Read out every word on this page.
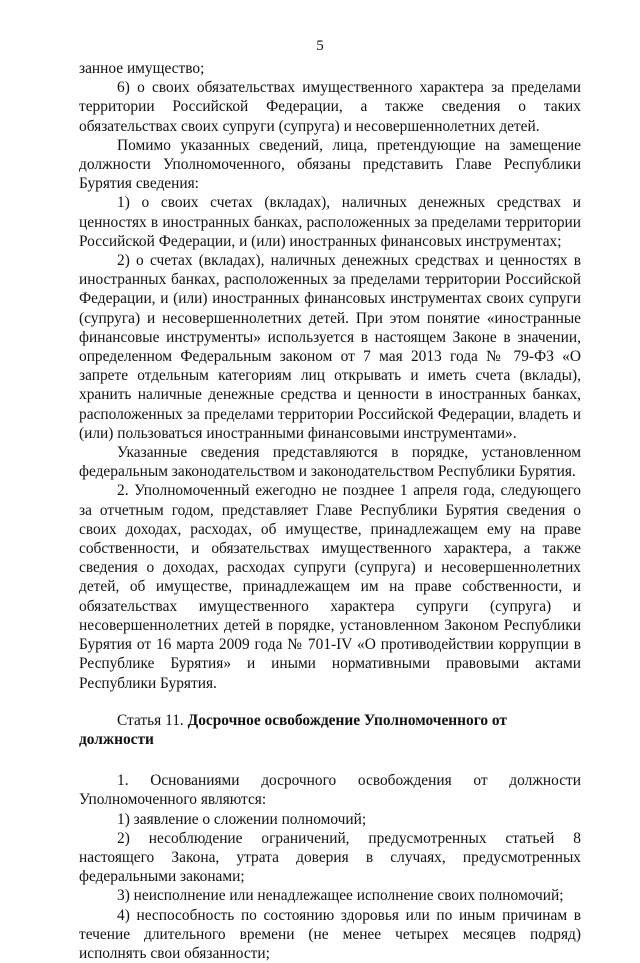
5

занное имущество;

6) о своих обязательствах имущественного характера за пределами территории Российской Федерации, а также сведения о таких обязательствах своих супруги (супруга) и несовершеннолетних детей.

Помимо указанных сведений, лица, претендующие на замещение должности Уполномоченного, обязаны представить Главе Республики Бурятия сведения:

1) о своих счетах (вкладах), наличных денежных средствах и ценностях в иностранных банках, расположенных за пределами территории Российской Федерации, и (или) иностранных финансовых инструментах;

2) о счетах (вкладах), наличных денежных средствах и ценностях в иностранных банках, расположенных за пределами территории Российской Федерации, и (или) иностранных финансовых инструментах своих супруги (супруга) и несовершеннолетних детей. При этом понятие «иностранные финансовые инструменты» используется в настоящем Законе в значении, определенном Федеральным законом от 7 мая 2013 года № 79-ФЗ «О запрете отдельным категориям лиц открывать и иметь счета (вклады), хранить наличные денежные средства и ценности в иностранных банках, расположенных за пределами территории Российской Федерации, владеть и (или) пользоваться иностранными финансовыми инструментами».

Указанные сведения представляются в порядке, установленном федеральным законодательством и законодательством Республики Бурятия.

2. Уполномоченный ежегодно не позднее 1 апреля года, следующего за отчетным годом, представляет Главе Республики Бурятия сведения о своих доходах, расходах, об имуществе, принадлежащем ему на праве собственности, и обязательствах имущественного характера, а также сведения о доходах, расходах супруги (супруга) и несовершеннолетних детей, об имуществе, принадлежащем им на праве собственности, и обязательствах имущественного характера супруги (супруга) и несовершеннолетних детей в порядке, установленном Законом Республики Бурятия от 16 марта 2009 года № 701-IV «О противодействии коррупции в Республике Бурятия» и иными нормативными правовыми актами Республики Бурятия.

Статья 11. Досрочное освобождение Уполномоченного от должности

1. Основаниями досрочного освобождения от должности Уполномоченного являются:

1) заявление о сложении полномочий;

2) несоблюдение ограничений, предусмотренных статьей 8 настоящего Закона, утрата доверия в случаях, предусмотренных федеральными законами;

3) неисполнение или ненадлежащее исполнение своих полномочий;

4) неспособность по состоянию здоровья или по иным причинам в течение длительного времени (не менее четырех месяцев подряд) исполнять свои обязанности;
